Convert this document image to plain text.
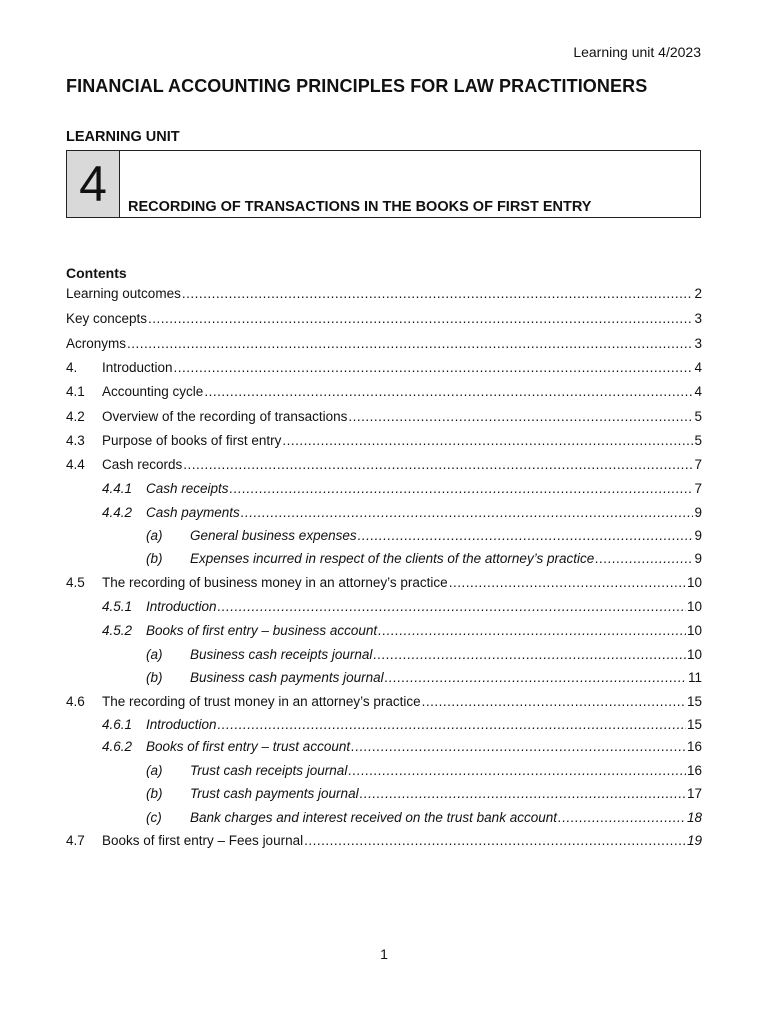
Learning unit 4/2023
FINANCIAL ACCOUNTING PRINCIPLES FOR LAW PRACTITIONERS
LEARNING UNIT
4	RECORDING OF TRANSACTIONS IN THE BOOKS OF FIRST ENTRY
Contents
Learning outcomes .....	2
Key concepts .....	3
Acronyms .....	3
4.	Introduction .....	4
4.1	Accounting cycle .....	4
4.2	Overview of the recording of transactions .....	5
4.3	Purpose of books of first entry .....	5
4.4	Cash records .....	7
4.4.1	Cash receipts .....	7
4.4.2	Cash payments .....	9
(a)	General business expenses .....	9
(b)	Expenses incurred in respect of the clients of the attorney’s practice .....	9
4.5	The recording of business money in an attorney’s practice .....	10
4.5.1	Introduction .....	10
4.5.2	Books of first entry – business account .....	10
(a)	Business cash receipts journal .....	10
(b)	Business cash payments journal .....	11
4.6	The recording of trust money in an attorney’s practice .....	15
4.6.1	Introduction .....	15
4.6.2	Books of first entry – trust account .....	16
(a)	Trust cash receipts journal .....	16
(b)	Trust cash payments journal .....	17
(c)	Bank charges and interest received on the trust bank account .....	18
4.7	Books of first entry – Fees journal .....	19
1
